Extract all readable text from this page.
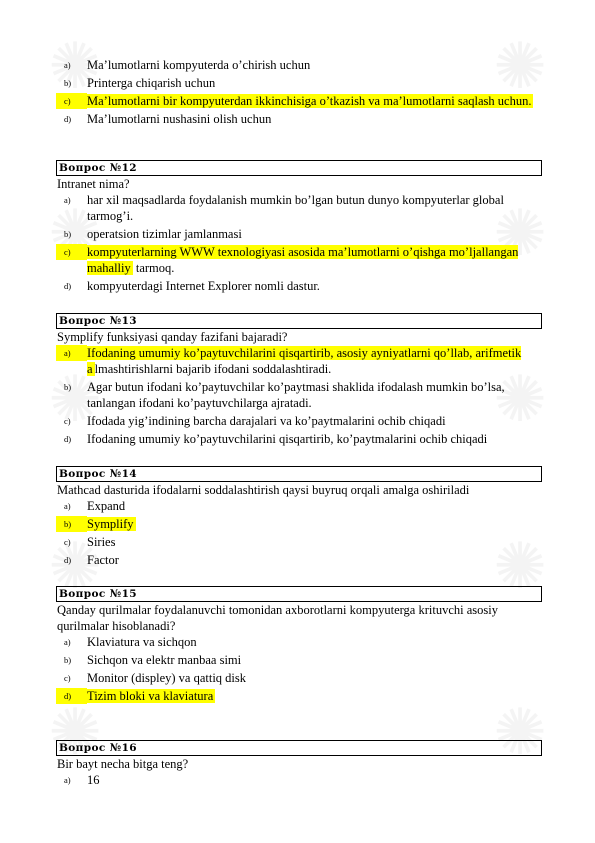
a)	Ma’lumotlarni kompyuterda o’chirish uchun
b)	Printerga chiqarish uchun
c)	Ma’lumotlarni bir kompyuterdan ikkinchisiga o’tkazish va ma’lumotlarni saqlash uchun.
d)	Ma’lumotlarni nushasini olish uchun
Вопрос №12
Intranet nima?
a)	har xil maqsadlarda foydalanish mumkin bo’lgan butun dunyo kompyuterlar global tarmog’i.
b)	operatsion tizimlar jamlanmasi
c)	kompyuterlarning WWW texnologiyasi asosida ma’lumotlarni o’qishga mo’ljallangan mahalliy tarmoq.
d)	kompyuterdagi Internet Explorer nomli dastur.
Вопрос №13
Symplify funksiyasi qanday fazifani bajaradi?
a)	Ifodaning umumiy ko’paytuvchilarini qisqartirib, asosiy ayniyatlarni qo’llab, arifmetik a lmashtirishlarni bajarib ifodani soddalashtiradi.
b)	Agar butun ifodani ko’paytuvchilar ko’paytmasi shaklida ifodalash mumkin bo’lsa, tanlangan ifodani ko’paytuvchilarga ajratadi.
c)	Ifodada yig’indining barcha darajalari va ko’paytmalarini ochib chiqadi
d)	Ifodaning umumiy ko’paytuvchilarini qisqartirib, ko’paytmalarini ochib chiqadi
Вопрос №14
Mathcad dasturida ifodalarni soddalashtirish qaysi buyruq orqali amalga oshiriladi
a)	Expand
b)	Symplify
c)	Siries
d)	Factor
Вопрос №15
Qanday qurilmalar foydalanuvchi tomonidan axborotlarni kompyuterga krituvchi asosiy qurilmalar hisoblanadi?
a)	Klaviatura va sichqon
b)	Sichqon va elektr manbaa simi
c)	Monitor (displey) va qattiq disk
d)	Tizim bloki va klaviatura
Вопрос №16
Bir bayt necha bitga teng?
a)	16
